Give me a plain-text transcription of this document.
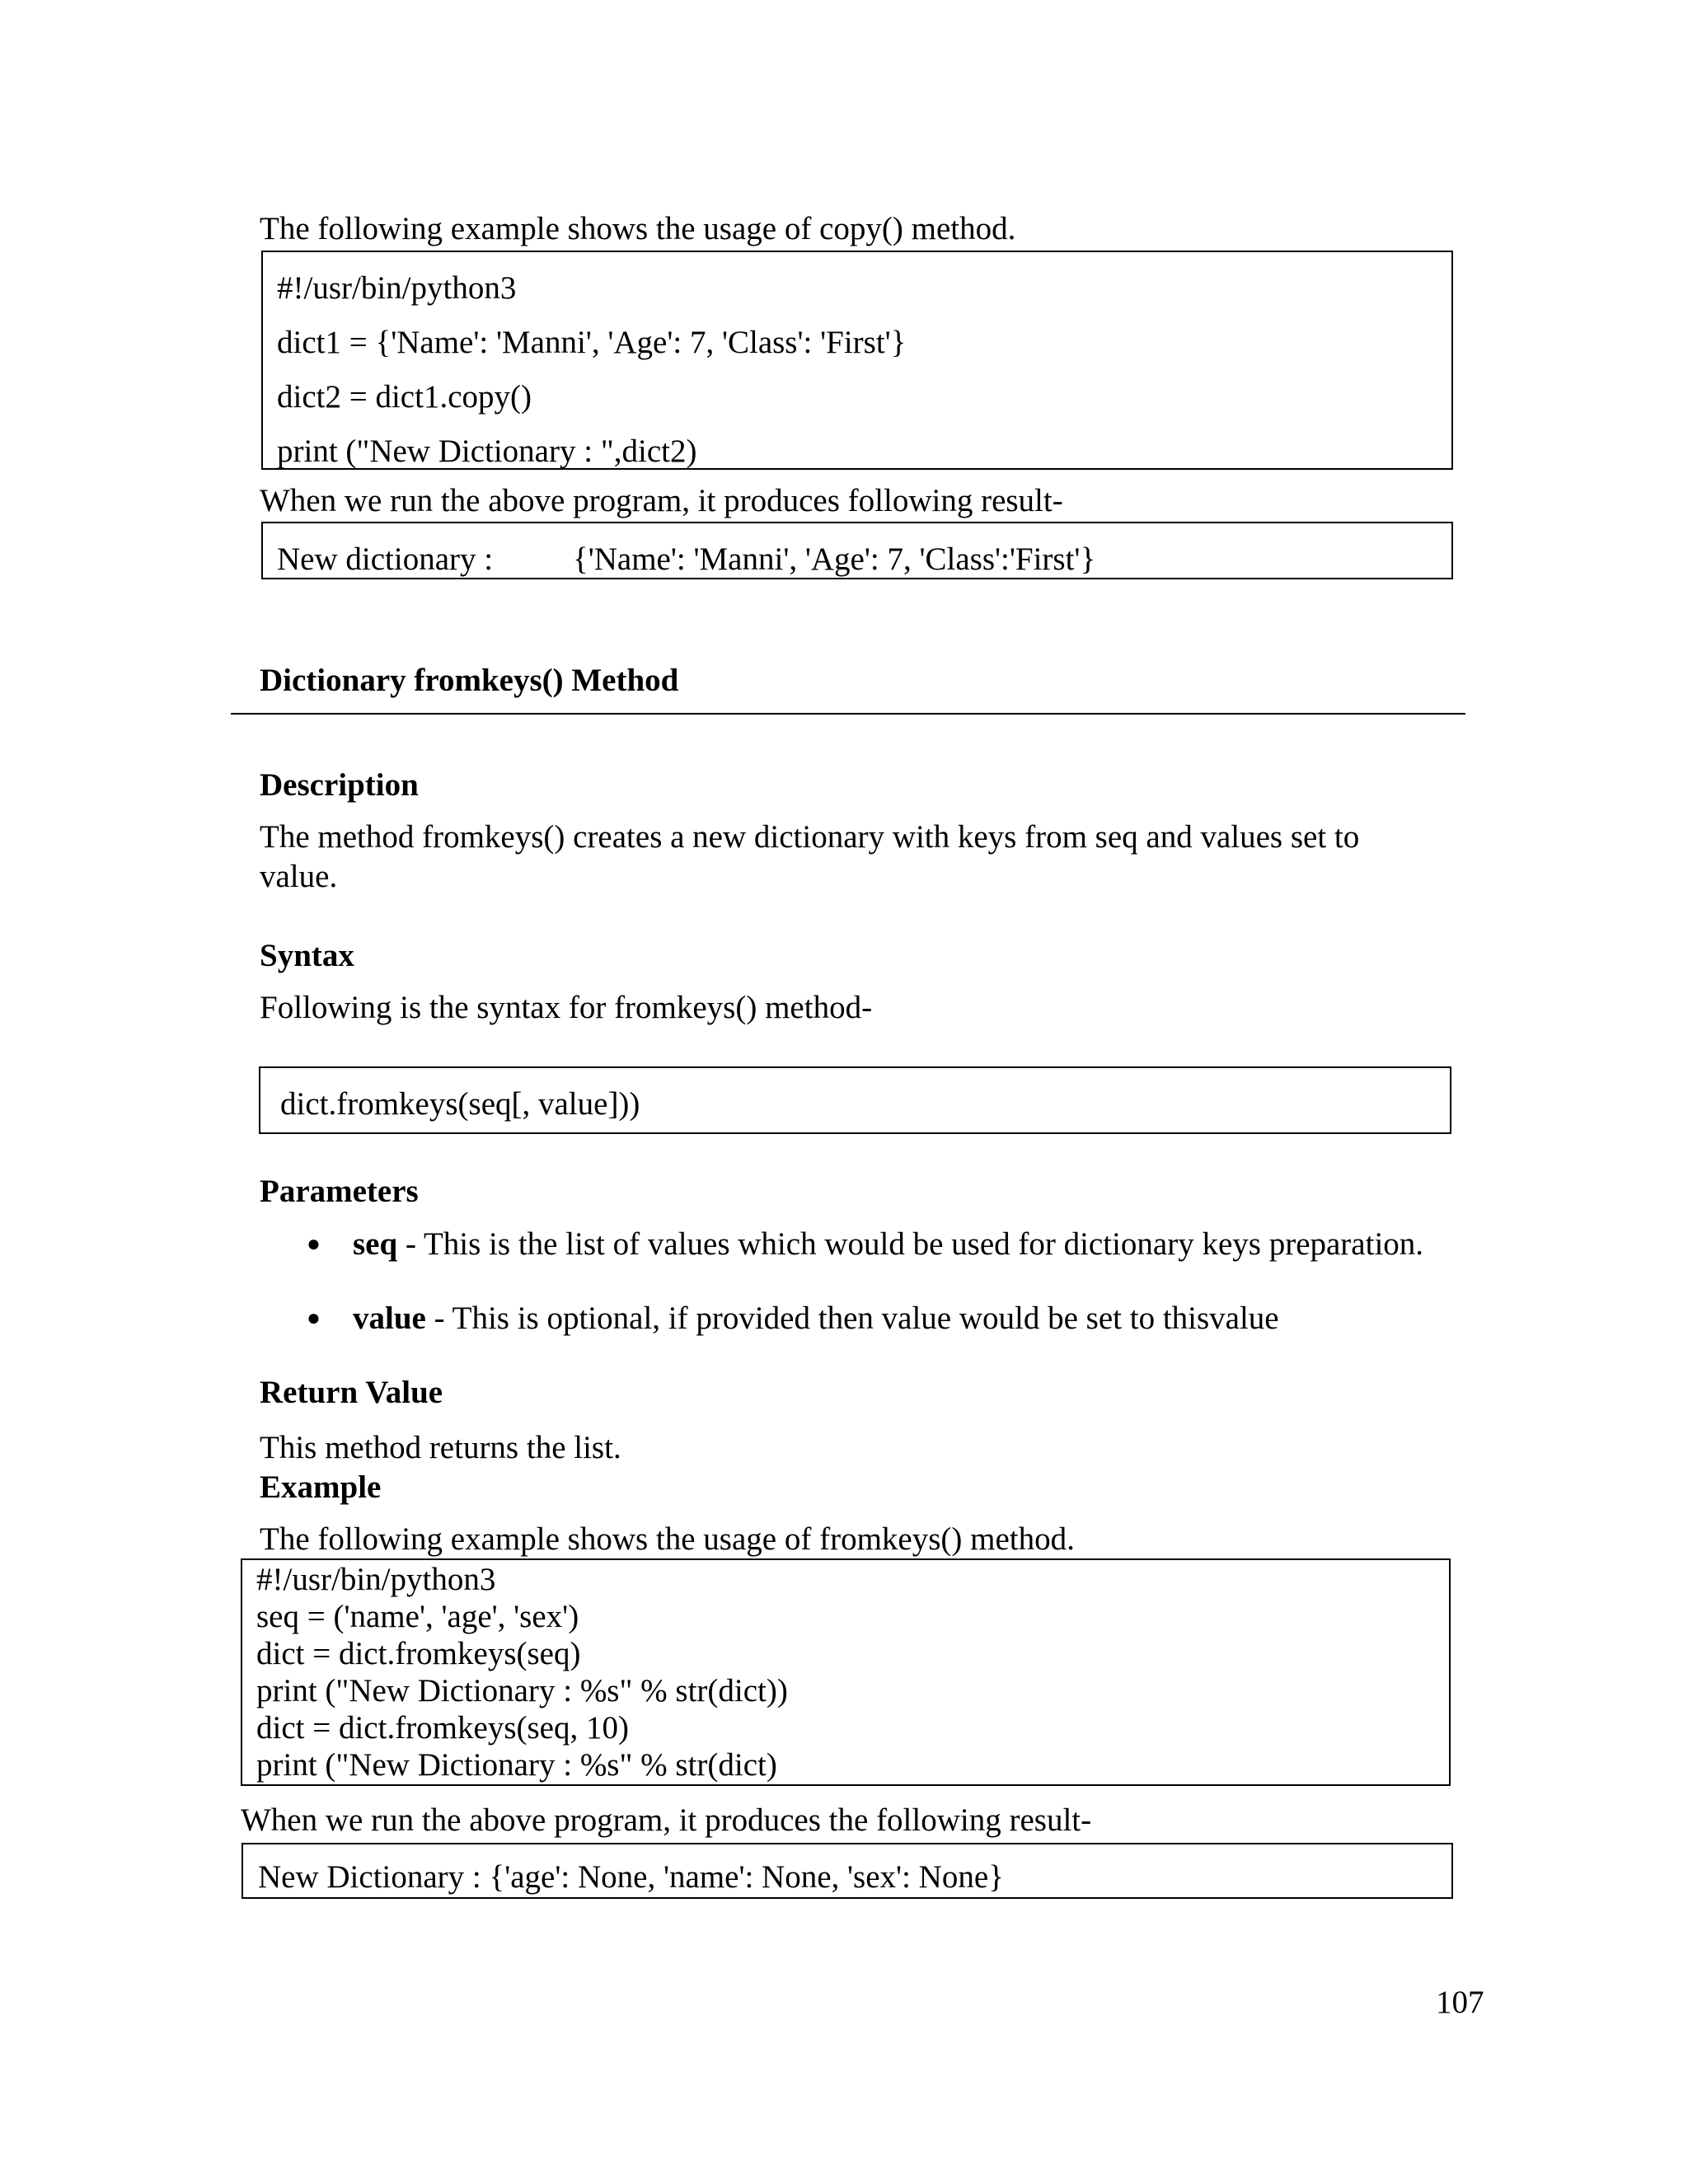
The following example shows the usage of copy() method.
#!/usr/bin/python3
dict1 = {'Name': 'Manni', 'Age': 7, 'Class': 'First'}
dict2 = dict1.copy()
print ("New Dictionary : ",dict2)
When we run the above program, it produces following result-
New dictionary : {'Name': 'Manni', 'Age': 7, 'Class':'First'}
Dictionary fromkeys() Method
Description
The method fromkeys() creates a new dictionary with keys from seq and values set to
value.
Syntax
Following is the syntax for fromkeys() method-
dict.fromkeys(seq[, value]))
Parameters
● seq - This is the list of values which would be used for dictionary keys preparation.
● value - This is optional, if provided then value would be set to thisvalue
Return Value
This method returns the list.
Example
The following example shows the usage of fromkeys() method.
#!/usr/bin/python3
seq = ('name', 'age', 'sex')
dict = dict.fromkeys(seq)
print ("New Dictionary : %s" % str(dict))
dict = dict.fromkeys(seq, 10)
print ("New Dictionary : %s" % str(dict)
When we run the above program, it produces the following result-
New Dictionary : {'age': None, 'name': None, 'sex': None}
107
